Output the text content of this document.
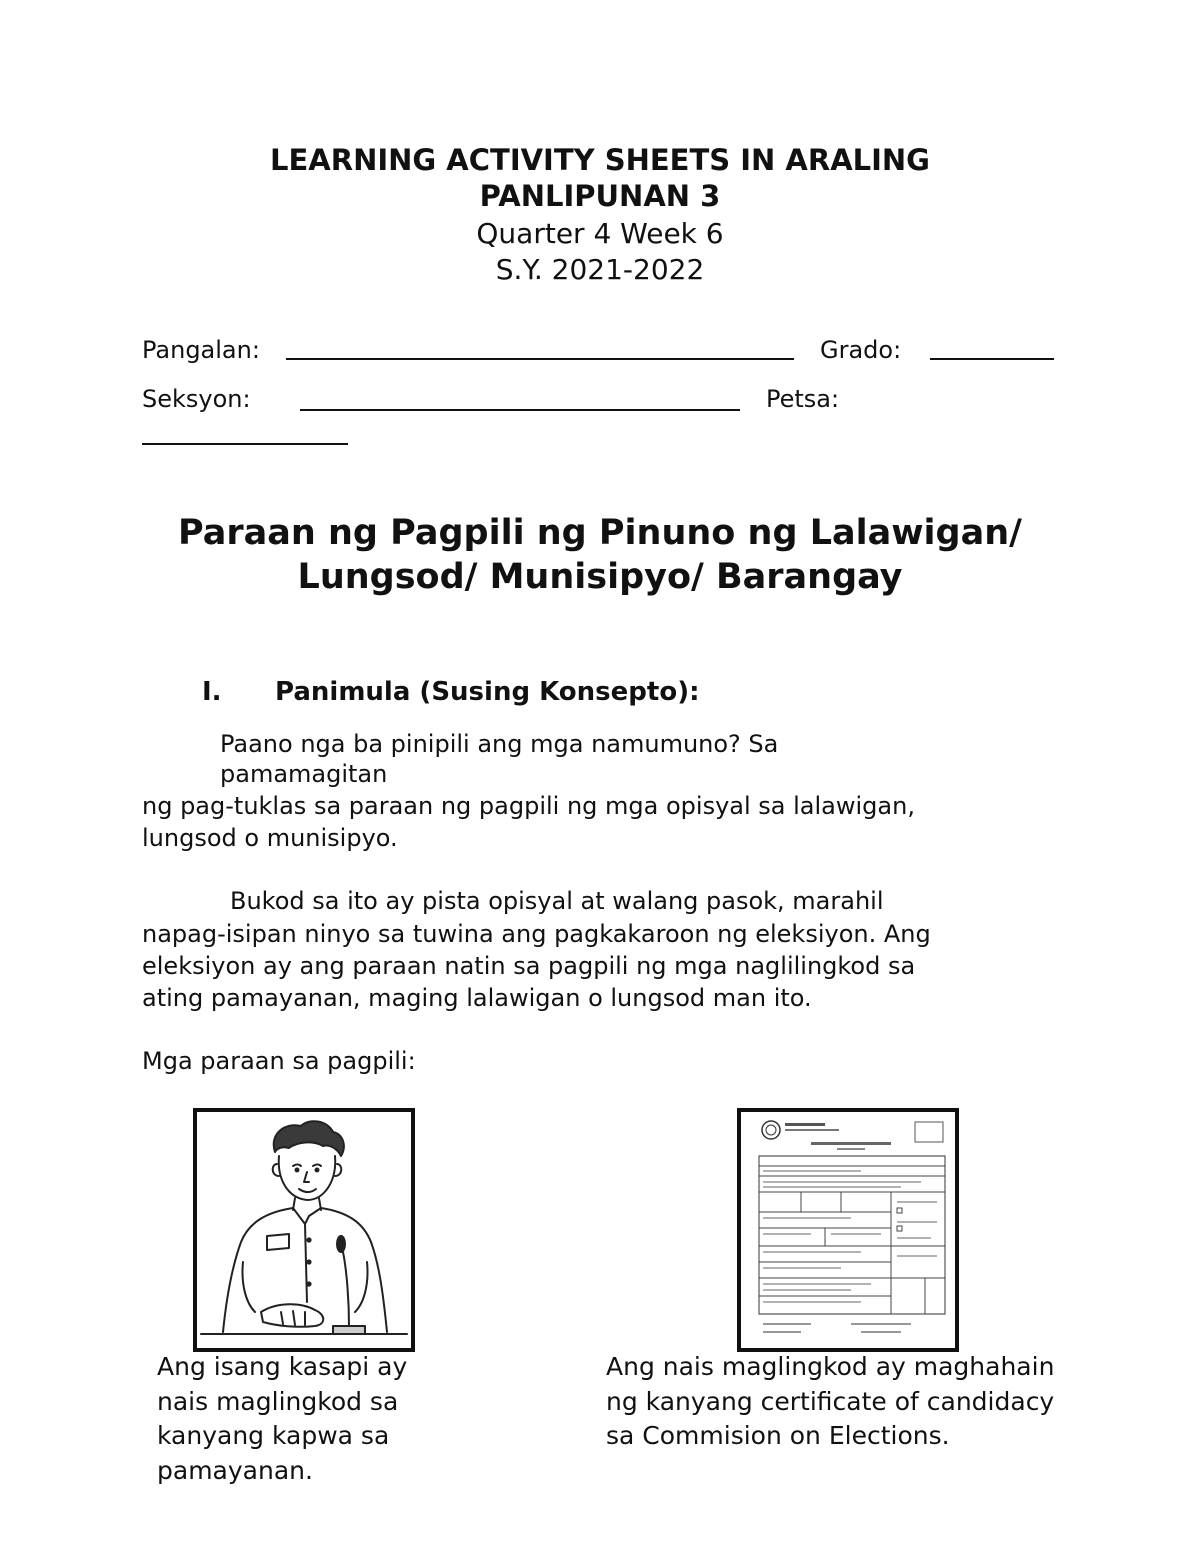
LEARNING ACTIVITY SHEETS IN ARALING
PANLIPUNAN 3
Quarter 4 Week 6
S.Y. 2021-2022
Pangalan:	Grado:
Seksyon:	Petsa:
Paraan ng Pagpili ng Pinuno ng Lalawigan/
Lungsod/ Munisipyo/ Barangay
I. Panimula (Susing Konsepto):
Paano nga ba pinipili ang mga namumuno? Sa
pamamagitan
ng pag-tuklas sa paraan ng pagpili ng mga opisyal sa lalawigan,
lungsod o munisipyo.
Bukod sa ito ay pista opisyal at walang pasok, marahil
napag-isipan ninyo sa tuwina ang pagkakaroon ng eleksiyon. Ang
eleksiyon ay ang paraan natin sa pagpili ng mga naglilingkod sa
ating pamayanan, maging lalawigan o lungsod man ito.
Mga paraan sa pagpili:
Ang isang kasapi ay
nais maglingkod sa
kanyang kapwa sa
pamayanan.
Ang nais maglingkod ay maghahain
ng kanyang certificate of candidacy
sa Commision on Elections.
